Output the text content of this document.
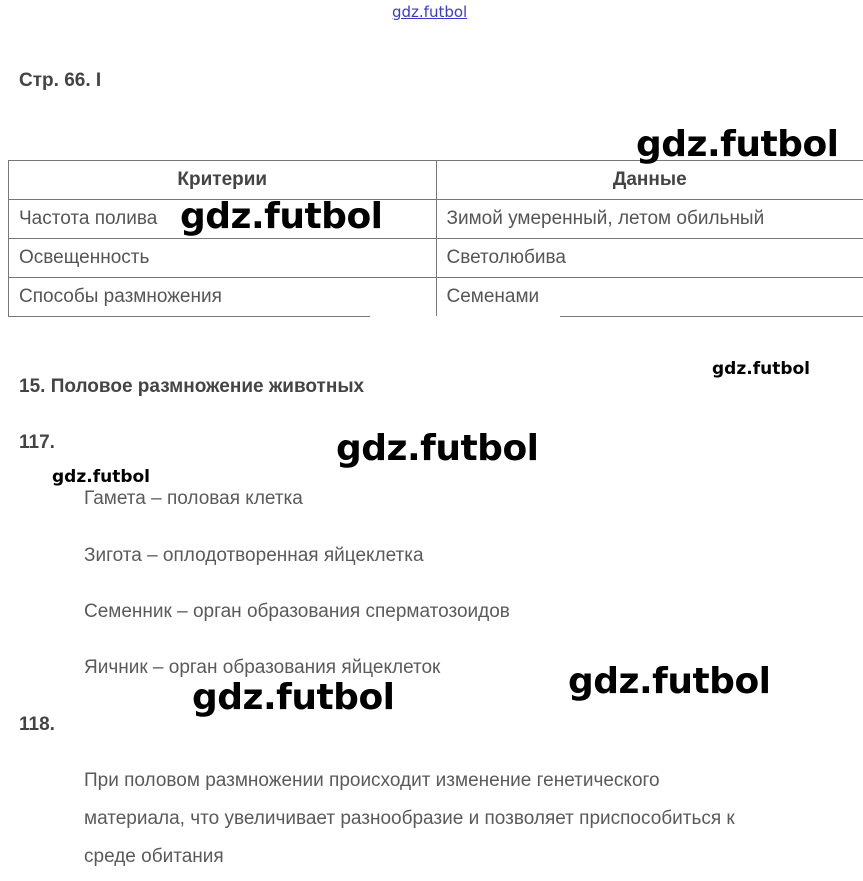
gdz.futbol
Стр. 66. I
Критерии	Данные
Частота полива	Зимой умеренный, летом обильный
Освещенность	Светолюбива
Способы размножения	Семенами
15. Половое размножение животных
117.
Гамета – половая клетка
Зигота – оплодотворенная яйцеклетка
Семенник – орган образования сперматозоидов
Яичник – орган образования яйцеклеток
118.
При половом размножении происходит изменение генетического
материала, что увеличивает разнообразие и позволяет приспособиться к
среде обитания
gdz.futbol
gdz.futbol
gdz.futbol
gdz.futbol
gdz.futbol
gdz.futbol
gdz.futbol
